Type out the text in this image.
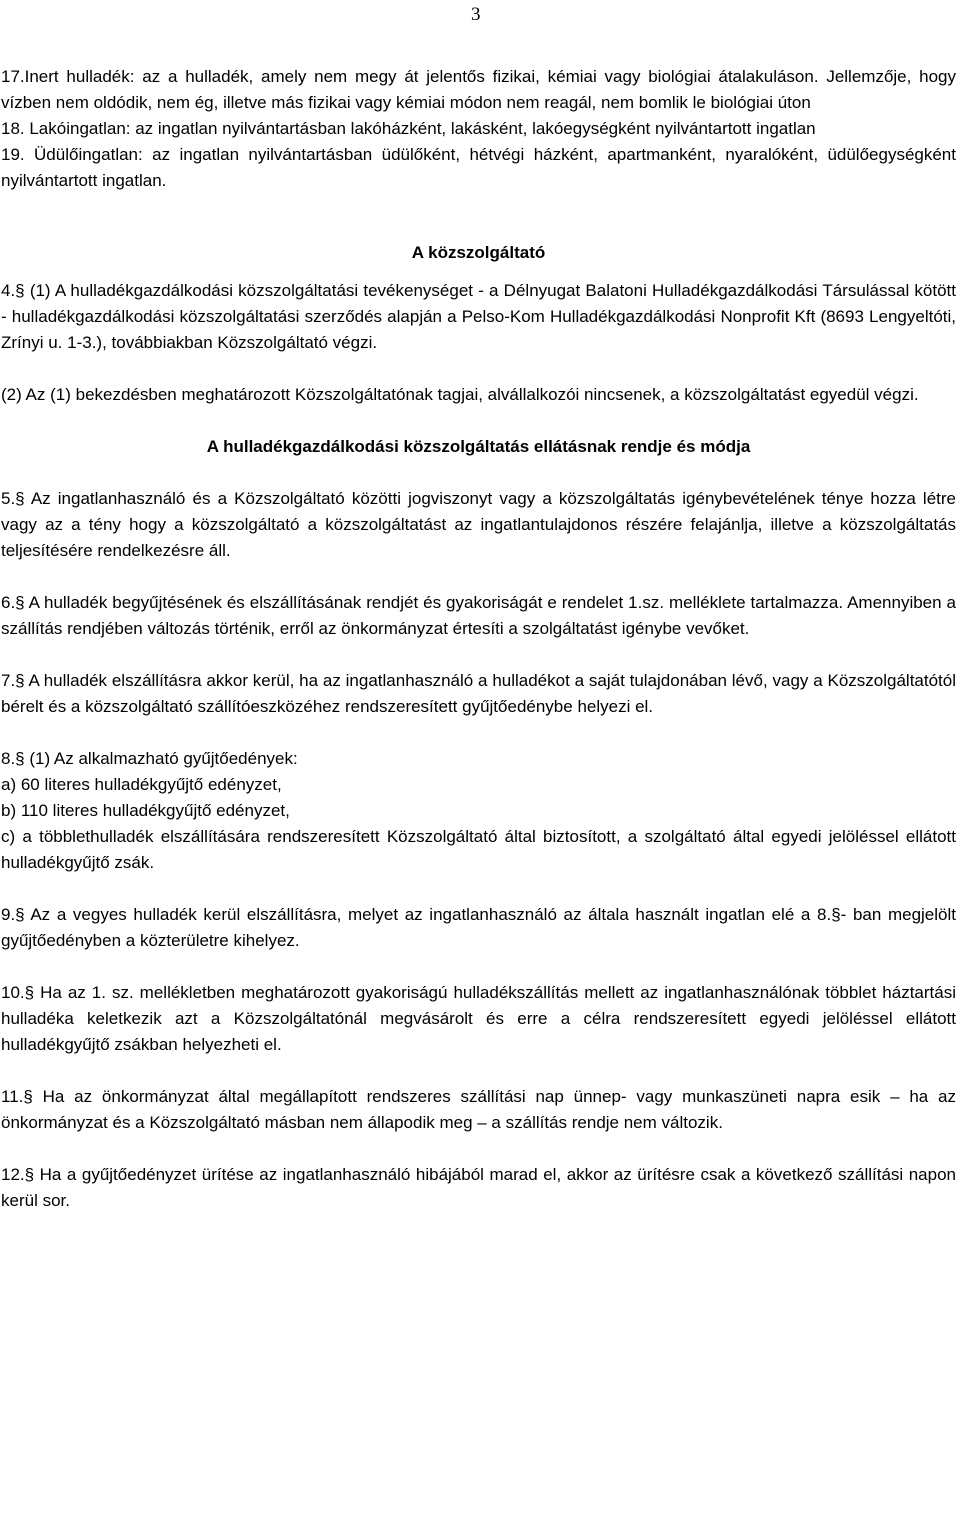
3

17.Inert hulladék: az a hulladék, amely nem megy át jelentős fizikai, kémiai vagy biológiai átalakuláson. Jellemzője, hogy vízben nem oldódik, nem ég, illetve más fizikai vagy kémiai módon nem reagál, nem bomlik le biológiai úton

18. Lakóingatlan: az ingatlan nyilvántartásban lakóházként, lakásként, lakóegységként nyilvántartott ingatlan

19. Üdülőingatlan: az ingatlan nyilvántartásban üdülőként, hétvégi házként, apartmanként, nyaralóként, üdülőegységként nyilvántartott ingatlan.

A közszolgáltató

4.§ (1) A hulladékgazdálkodási közszolgáltatási tevékenységet - a Délnyugat Balatoni Hulladékgazdálkodási Társulással kötött - hulladékgazdálkodási közszolgáltatási szerződés alapján a Pelso-Kom Hulladékgazdálkodási Nonprofit Kft (8693 Lengyeltóti, Zrínyi u. 1-3.), továbbiakban Közszolgáltató végzi.

(2) Az (1) bekezdésben meghatározott Közszolgáltatónak tagjai, alvállalkozói nincsenek, a közszolgáltatást egyedül végzi.

A hulladékgazdálkodási közszolgáltatás ellátásnak rendje és módja

5.§ Az ingatlanhasználó és a Közszolgáltató közötti jogviszonyt vagy a közszolgáltatás igénybevételének ténye hozza létre vagy az a tény hogy a közszolgáltató a közszolgáltatást az ingatlantulajdonos részére felajánlja, illetve a közszolgáltatás teljesítésére rendelkezésre áll.

6.§ A hulladék begyűjtésének és elszállításának rendjét és gyakoriságát e rendelet 1.sz. melléklete tartalmazza. Amennyiben a szállítás rendjében változás történik, erről az önkormányzat értesíti a szolgáltatást igénybe vevőket.

7.§ A hulladék elszállításra akkor kerül, ha az ingatlanhasználó a hulladékot a saját tulajdonában lévő, vagy a Közszolgáltatótól bérelt és a közszolgáltató szállítóeszközéhez rendszeresített gyűjtőedénybe helyezi el.

8.§ (1) Az alkalmazható gyűjtőedények:

a) 60 literes hulladékgyűjtő edényzet,

b) 110 literes hulladékgyűjtő edényzet,

c) a többlethulladék elszállítására rendszeresített Közszolgáltató által biztosított, a szolgáltató által egyedi jelöléssel ellátott hulladékgyűjtő zsák.

9.§ Az a vegyes hulladék kerül elszállításra, melyet az ingatlanhasználó az általa használt ingatlan elé a 8.§- ban megjelölt gyűjtőedényben a közterületre kihelyez.

10.§ Ha az 1. sz. mellékletben meghatározott gyakoriságú hulladékszállítás mellett az ingatlanhasználónak többlet háztartási hulladéka keletkezik azt a Közszolgáltatónál megvásárolt és erre a célra rendszeresített egyedi jelöléssel ellátott hulladékgyűjtő zsákban helyezheti el.

11.§ Ha az önkormányzat által megállapított rendszeres szállítási nap ünnep- vagy munkaszüneti napra esik – ha az önkormányzat és a Közszolgáltató másban nem állapodik meg – a szállítás rendje nem változik.

12.§ Ha a gyűjtőedényzet ürítése az ingatlanhasználó hibájából marad el, akkor az ürítésre csak a következő szállítási napon kerül sor.
